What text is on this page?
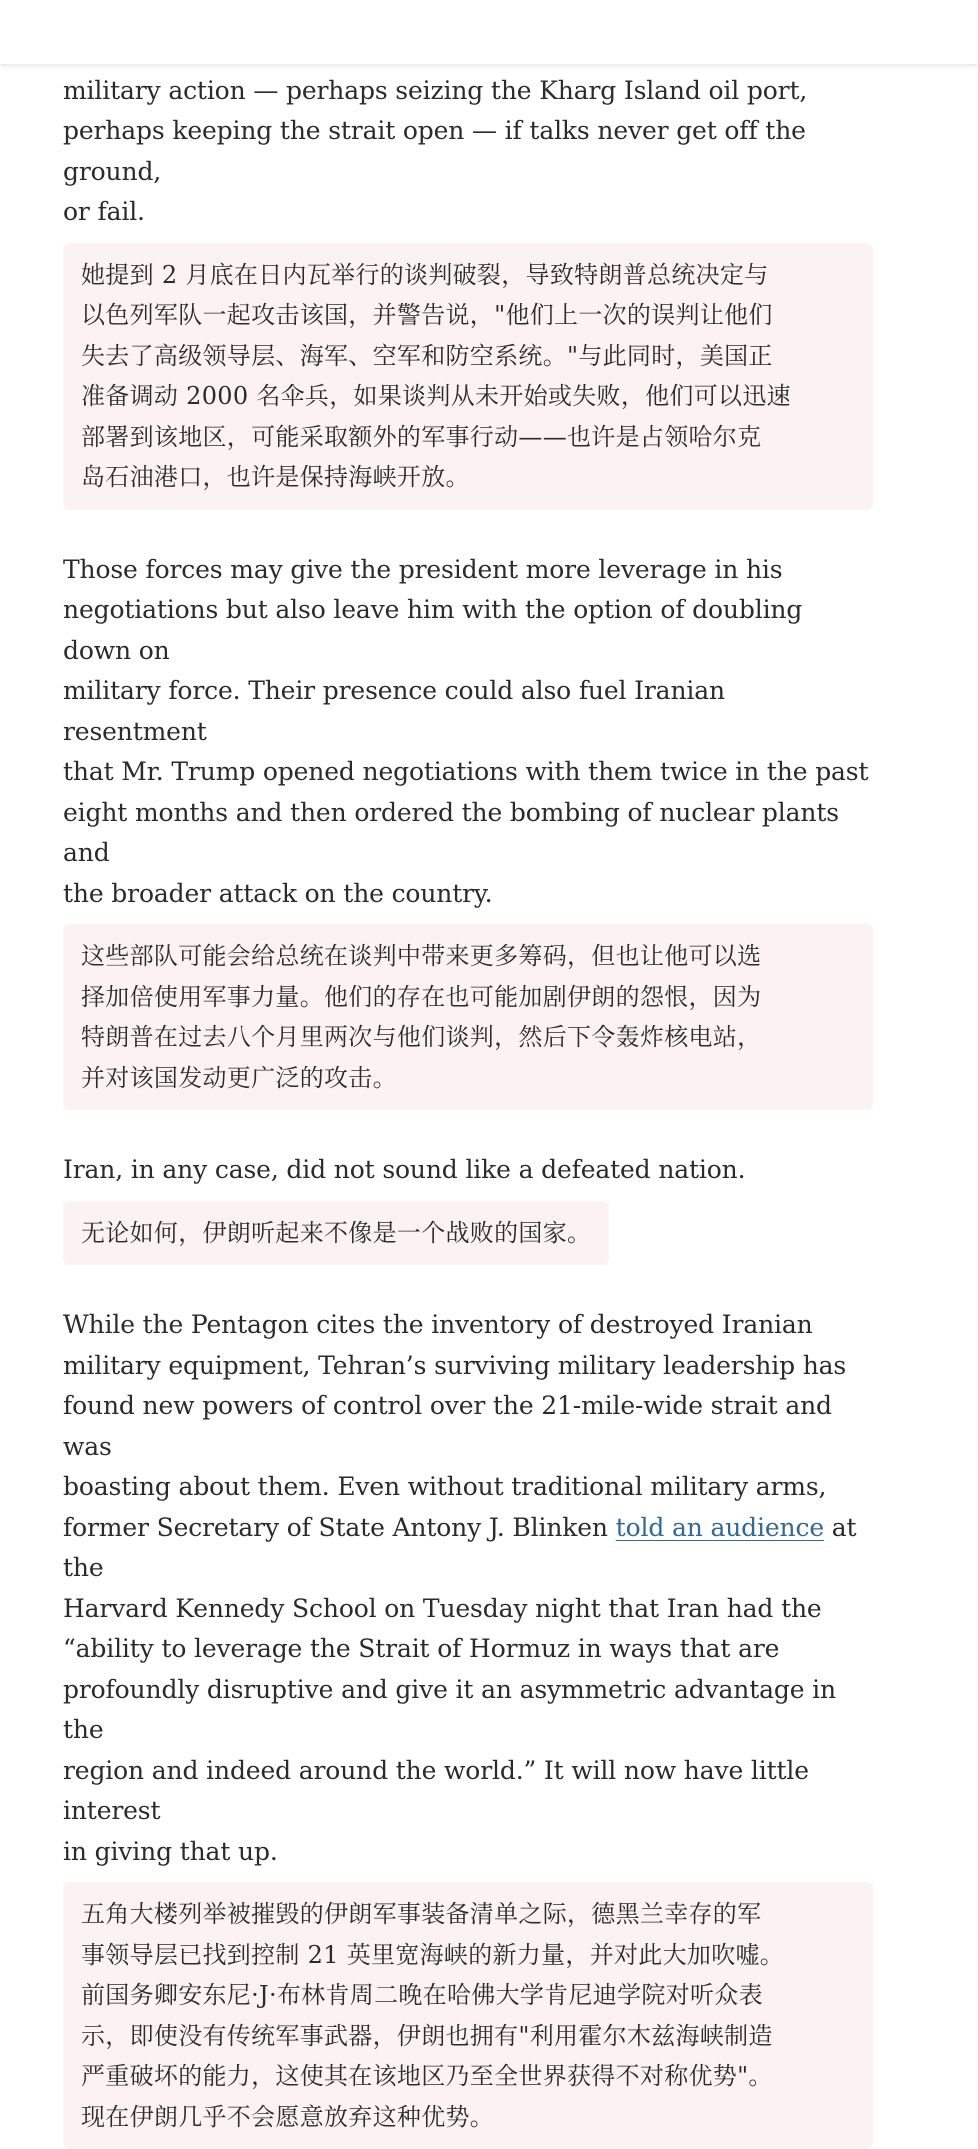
military action — perhaps seizing the Kharg Island oil port,
perhaps keeping the strait open — if talks never get off the ground,
or fail.
她提到 2 月底在日内瓦举行的谈判破裂，导致特朗普总统决定与
以色列军队一起攻击该国，并警告说，"他们上一次的误判让他们
失去了高级领导层、海军、空军和防空系统。"与此同时，美国正
准备调动 2000 名伞兵，如果谈判从未开始或失败，他们可以迅速
部署到该地区，可能采取额外的军事行动——也许是占领哈尔克
岛石油港口，也许是保持海峡开放。
Those forces may give the president more leverage in his
negotiations but also leave him with the option of doubling down on
military force. Their presence could also fuel Iranian resentment
that Mr. Trump opened negotiations with them twice in the past
eight months and then ordered the bombing of nuclear plants and
the broader attack on the country.
这些部队可能会给总统在谈判中带来更多筹码，但也让他可以选
择加倍使用军事力量。他们的存在也可能加剧伊朗的怨恨，因为
特朗普在过去八个月里两次与他们谈判，然后下令轰炸核电站，
并对该国发动更广泛的攻击。
Iran, in any case, did not sound like a defeated nation.
无论如何，伊朗听起来不像是一个战败的国家。
While the Pentagon cites the inventory of destroyed Iranian
military equipment, Tehran’s surviving military leadership has
found new powers of control over the 21-mile-wide strait and was
boasting about them. Even without traditional military arms,
former Secretary of State Antony J. Blinken told an audience at the
Harvard Kennedy School on Tuesday night that Iran had the
“ability to leverage the Strait of Hormuz in ways that are
profoundly disruptive and give it an asymmetric advantage in the
region and indeed around the world.” It will now have little interest
in giving that up.
五角大楼列举被摧毁的伊朗军事装备清单之际，德黑兰幸存的军
事领导层已找到控制 21 英里宽海峡的新力量，并对此大加吹嘘。
前国务卿安东尼·J·布林肯周二晚在哈佛大学肯尼迪学院对听众表
示，即使没有传统军事武器，伊朗也拥有"利用霍尔木兹海峡制造
严重破坏的能力，这使其在该地区乃至全世界获得不对称优势"。
现在伊朗几乎不会愿意放弃这种优势。
